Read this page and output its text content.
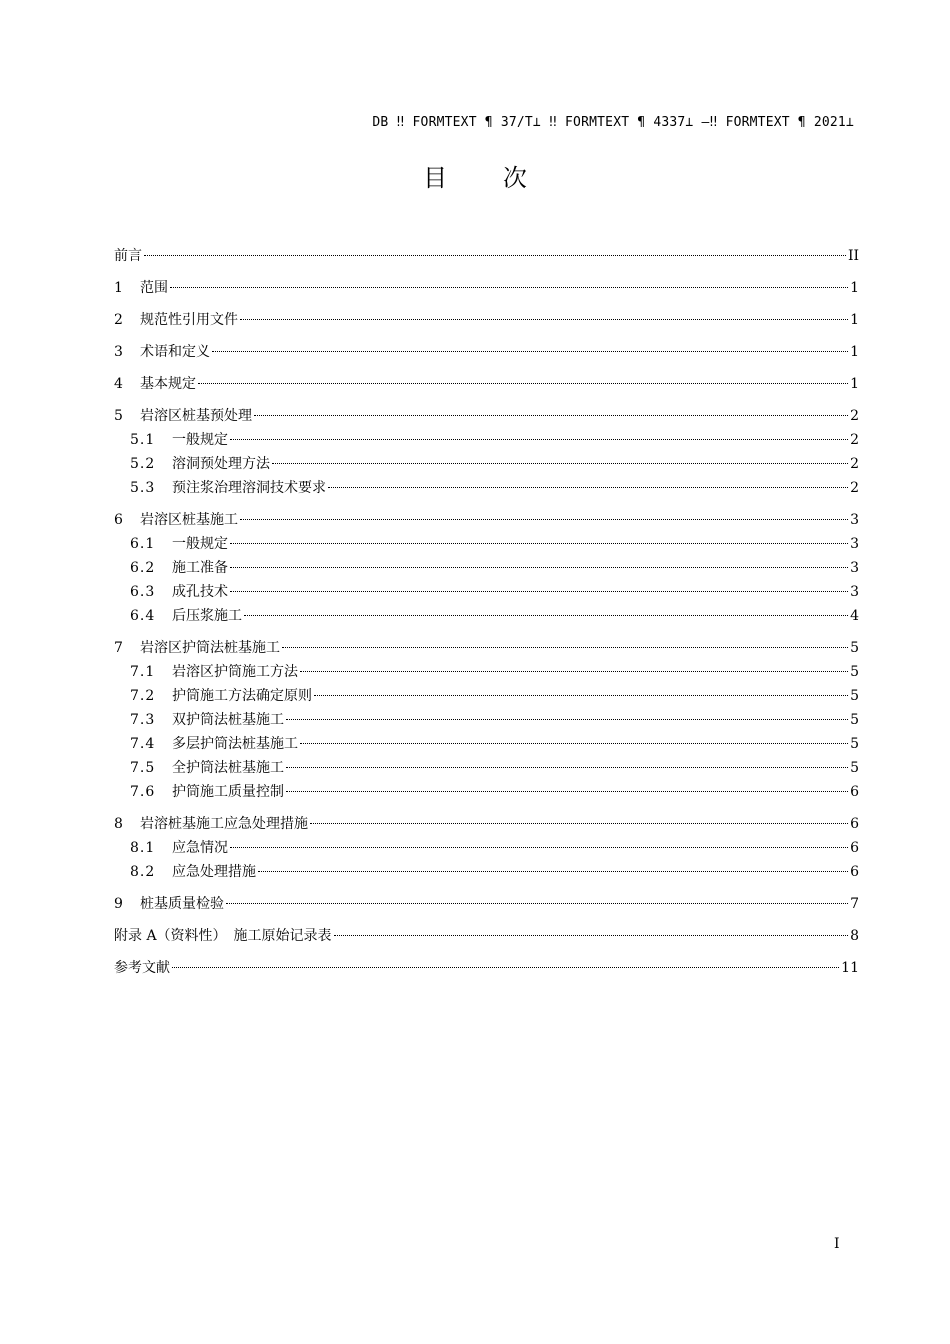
DB ‼ FORMTEXT ¶ 37/T⊥ ‼ FORMTEXT ¶ 4337⊥ —‼ FORMTEXT ¶ 2021⊥
目 次
前言	II
1	范围	1
2	规范性引用文件	1
3	术语和定义	1
4	基本规定	1
5	岩溶区桩基预处理	2
5.1	一般规定	2
5.2	溶洞预处理方法	2
5.3	预注浆治理溶洞技术要求	2
6	岩溶区桩基施工	3
6.1	一般规定	3
6.2	施工准备	3
6.3	成孔技术	3
6.4	后压浆施工	4
7	岩溶区护筒法桩基施工	5
7.1	岩溶区护筒施工方法	5
7.2	护筒施工方法确定原则	5
7.3	双护筒法桩基施工	5
7.4	多层护筒法桩基施工	5
7.5	全护筒法桩基施工	5
7.6	护筒施工质量控制	6
8	岩溶桩基施工应急处理措施	6
8.1	应急情况	6
8.2	应急处理措施	6
9	桩基质量检验	7
附录 A（资料性）　施工原始记录表	8
参考文献	11
I
